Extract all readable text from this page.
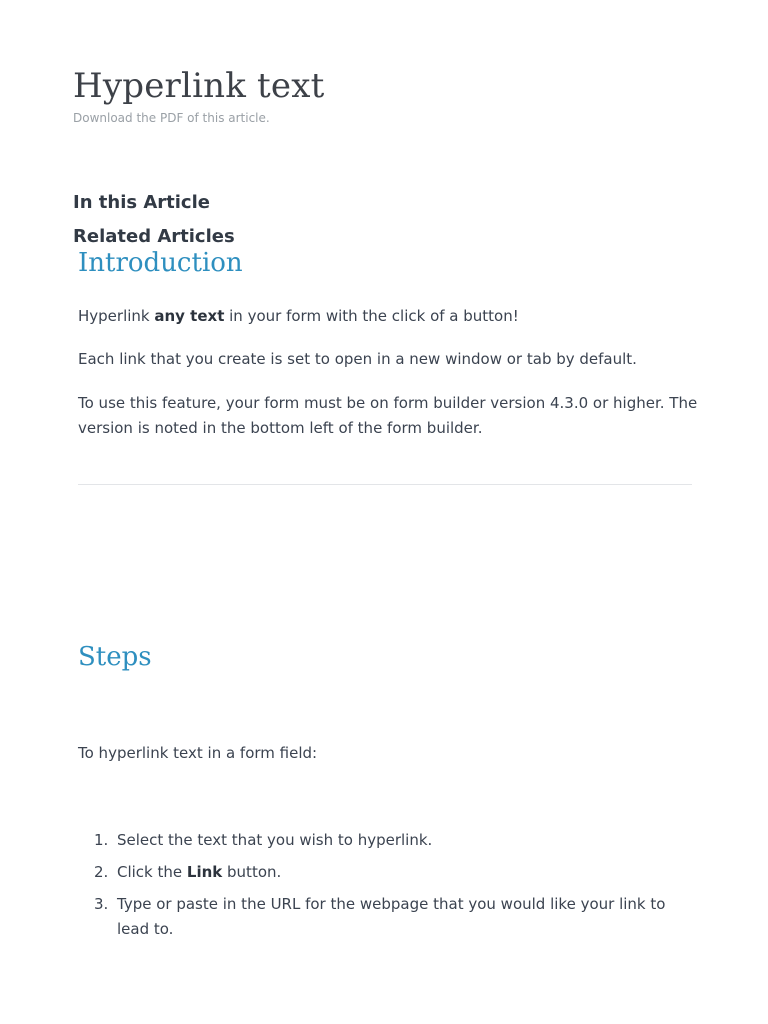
Hyperlink text
Download the PDF of this article.
In this Article
Related Articles
Introduction

Hyperlink any text in your form with the click of a button!

Each link that you create is set to open in a new window or tab by default.

To use this feature, your form must be on form builder version 4.3.0 or higher. The version is noted in the bottom left of the form builder.

Steps

To hyperlink text in a form field:

1. Select the text that you wish to hyperlink.
2. Click the Link button.
3. Type or paste in the URL for the webpage that you would like your link to lead to.
